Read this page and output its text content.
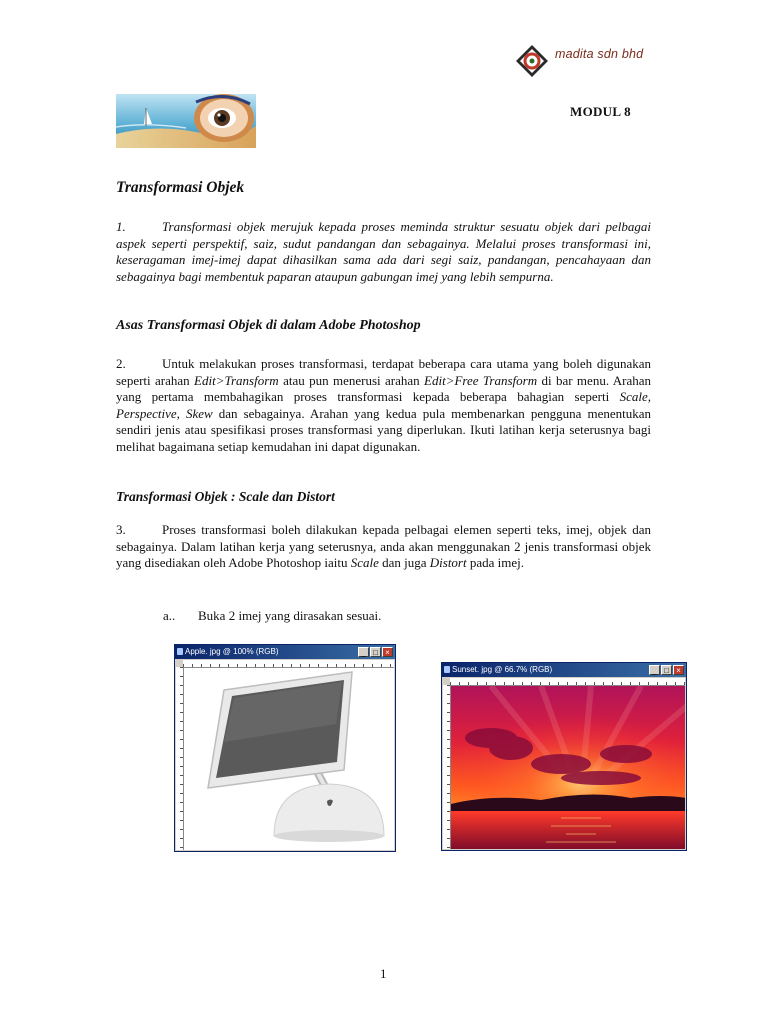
madita sdn bhd
MODUL 8
Transformasi Objek
1.	Transformasi objek merujuk kepada proses meminda struktur sesuatu objek dari pelbagai aspek seperti perspektif, saiz, sudut pandangan dan sebagainya. Melalui proses transformasi ini, keseragaman imej-imej dapat dihasilkan sama ada dari segi saiz, pandangan, pencahayaan dan sebagainya bagi membentuk paparan ataupun gabungan imej yang lebih sempurna.
Asas Transformasi Objek di dalam Adobe Photoshop
2.	Untuk melakukan proses transformasi, terdapat beberapa cara utama yang boleh digunakan seperti arahan Edit>Transform atau pun menerusi arahan Edit>Free Transform di bar menu. Arahan yang pertama membahagikan proses transformasi kepada beberapa bahagian seperti Scale, Perspective, Skew dan sebagainya. Arahan yang kedua pula membenarkan pengguna menentukan sendiri jenis atau spesifikasi proses transformasi yang diperlukan. Ikuti latihan kerja seterusnya bagi melihat bagaimana setiap kemudahan ini dapat digunakan.
Transformasi Objek : Scale dan Distort
3.	Proses transformasi boleh dilakukan kepada pelbagai elemen seperti teks, imej, objek dan sebagainya. Dalam latihan kerja yang seterusnya, anda akan menggunakan 2 jenis transformasi objek yang disediakan oleh Adobe Photoshop iaitu Scale dan juga Distort pada imej.
a.. Buka 2 imej yang dirasakan sesuai.
Apple. jpg @ 100% (RGB)	_ □ ×
Sunset. jpg @ 66.7% (RGB)	_ □ ×
1
